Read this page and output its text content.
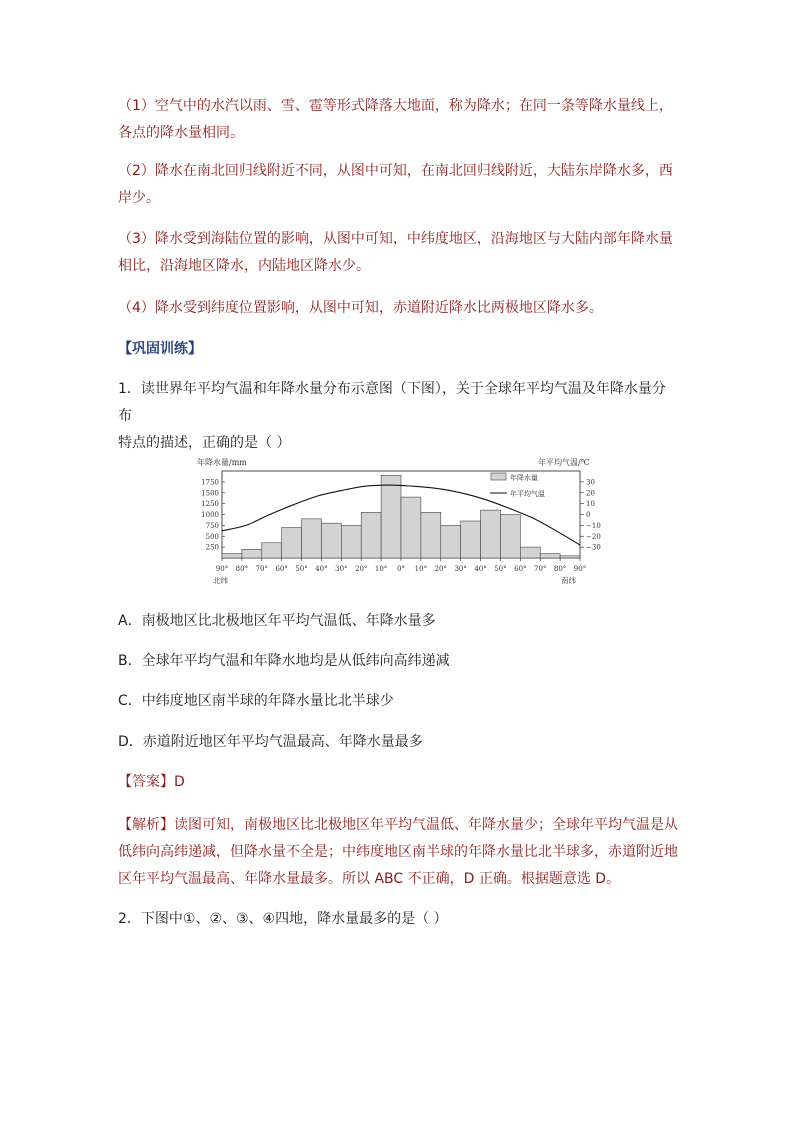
（1）空气中的水汽以雨、雪、雹等形式降落大地面，称为降水；在同一条等降水量线上，
各点的降水量相同。
（2）降水在南北回归线附近不同，从图中可知，在南北回归线附近，大陆东岸降水多，西
岸少。
（3）降水受到海陆位置的影响，从图中可知，中纬度地区，沿海地区与大陆内部年降水量
相比，沿海地区降水，内陆地区降水少。
（4）降水受到纬度位置影响，从图中可知，赤道附近降水比两极地区降水多。
【巩固训练】
1．读世界年平均气温和年降水量分布示意图（下图），关于全球年平均气温及年降水量分布
特点的描述，正确的是（ ）
年降水量/mm	年平均气温/℃
1750
1500
1250
1000
750
500
250
30
20
10
0
−10
−20
−30
90° 80° 70° 60° 50° 40° 30° 20° 10° 0° 10° 20° 30° 40° 50° 60° 70° 80° 90°
北纬	南纬
年降水量
年平均气温
A．南极地区比北极地区年平均气温低、年降水量多
B．全球年平均气温和年降水地均是从低纬向高纬递减
C．中纬度地区南半球的年降水量比北半球少
D．赤道附近地区年平均气温最高、年降水量最多
【答案】D
【解析】读图可知，南极地区比北极地区年平均气温低、年降水量少；全球年平均气温是从
低纬向高纬递减，但降水量不全是；中纬度地区南半球的年降水量比北半球多，赤道附近地
区年平均气温最高、年降水量最多。所以 ABC 不正确，D 正确。根据题意选 D。
2．下图中①、②、③、④四地，降水量最多的是（ ）
